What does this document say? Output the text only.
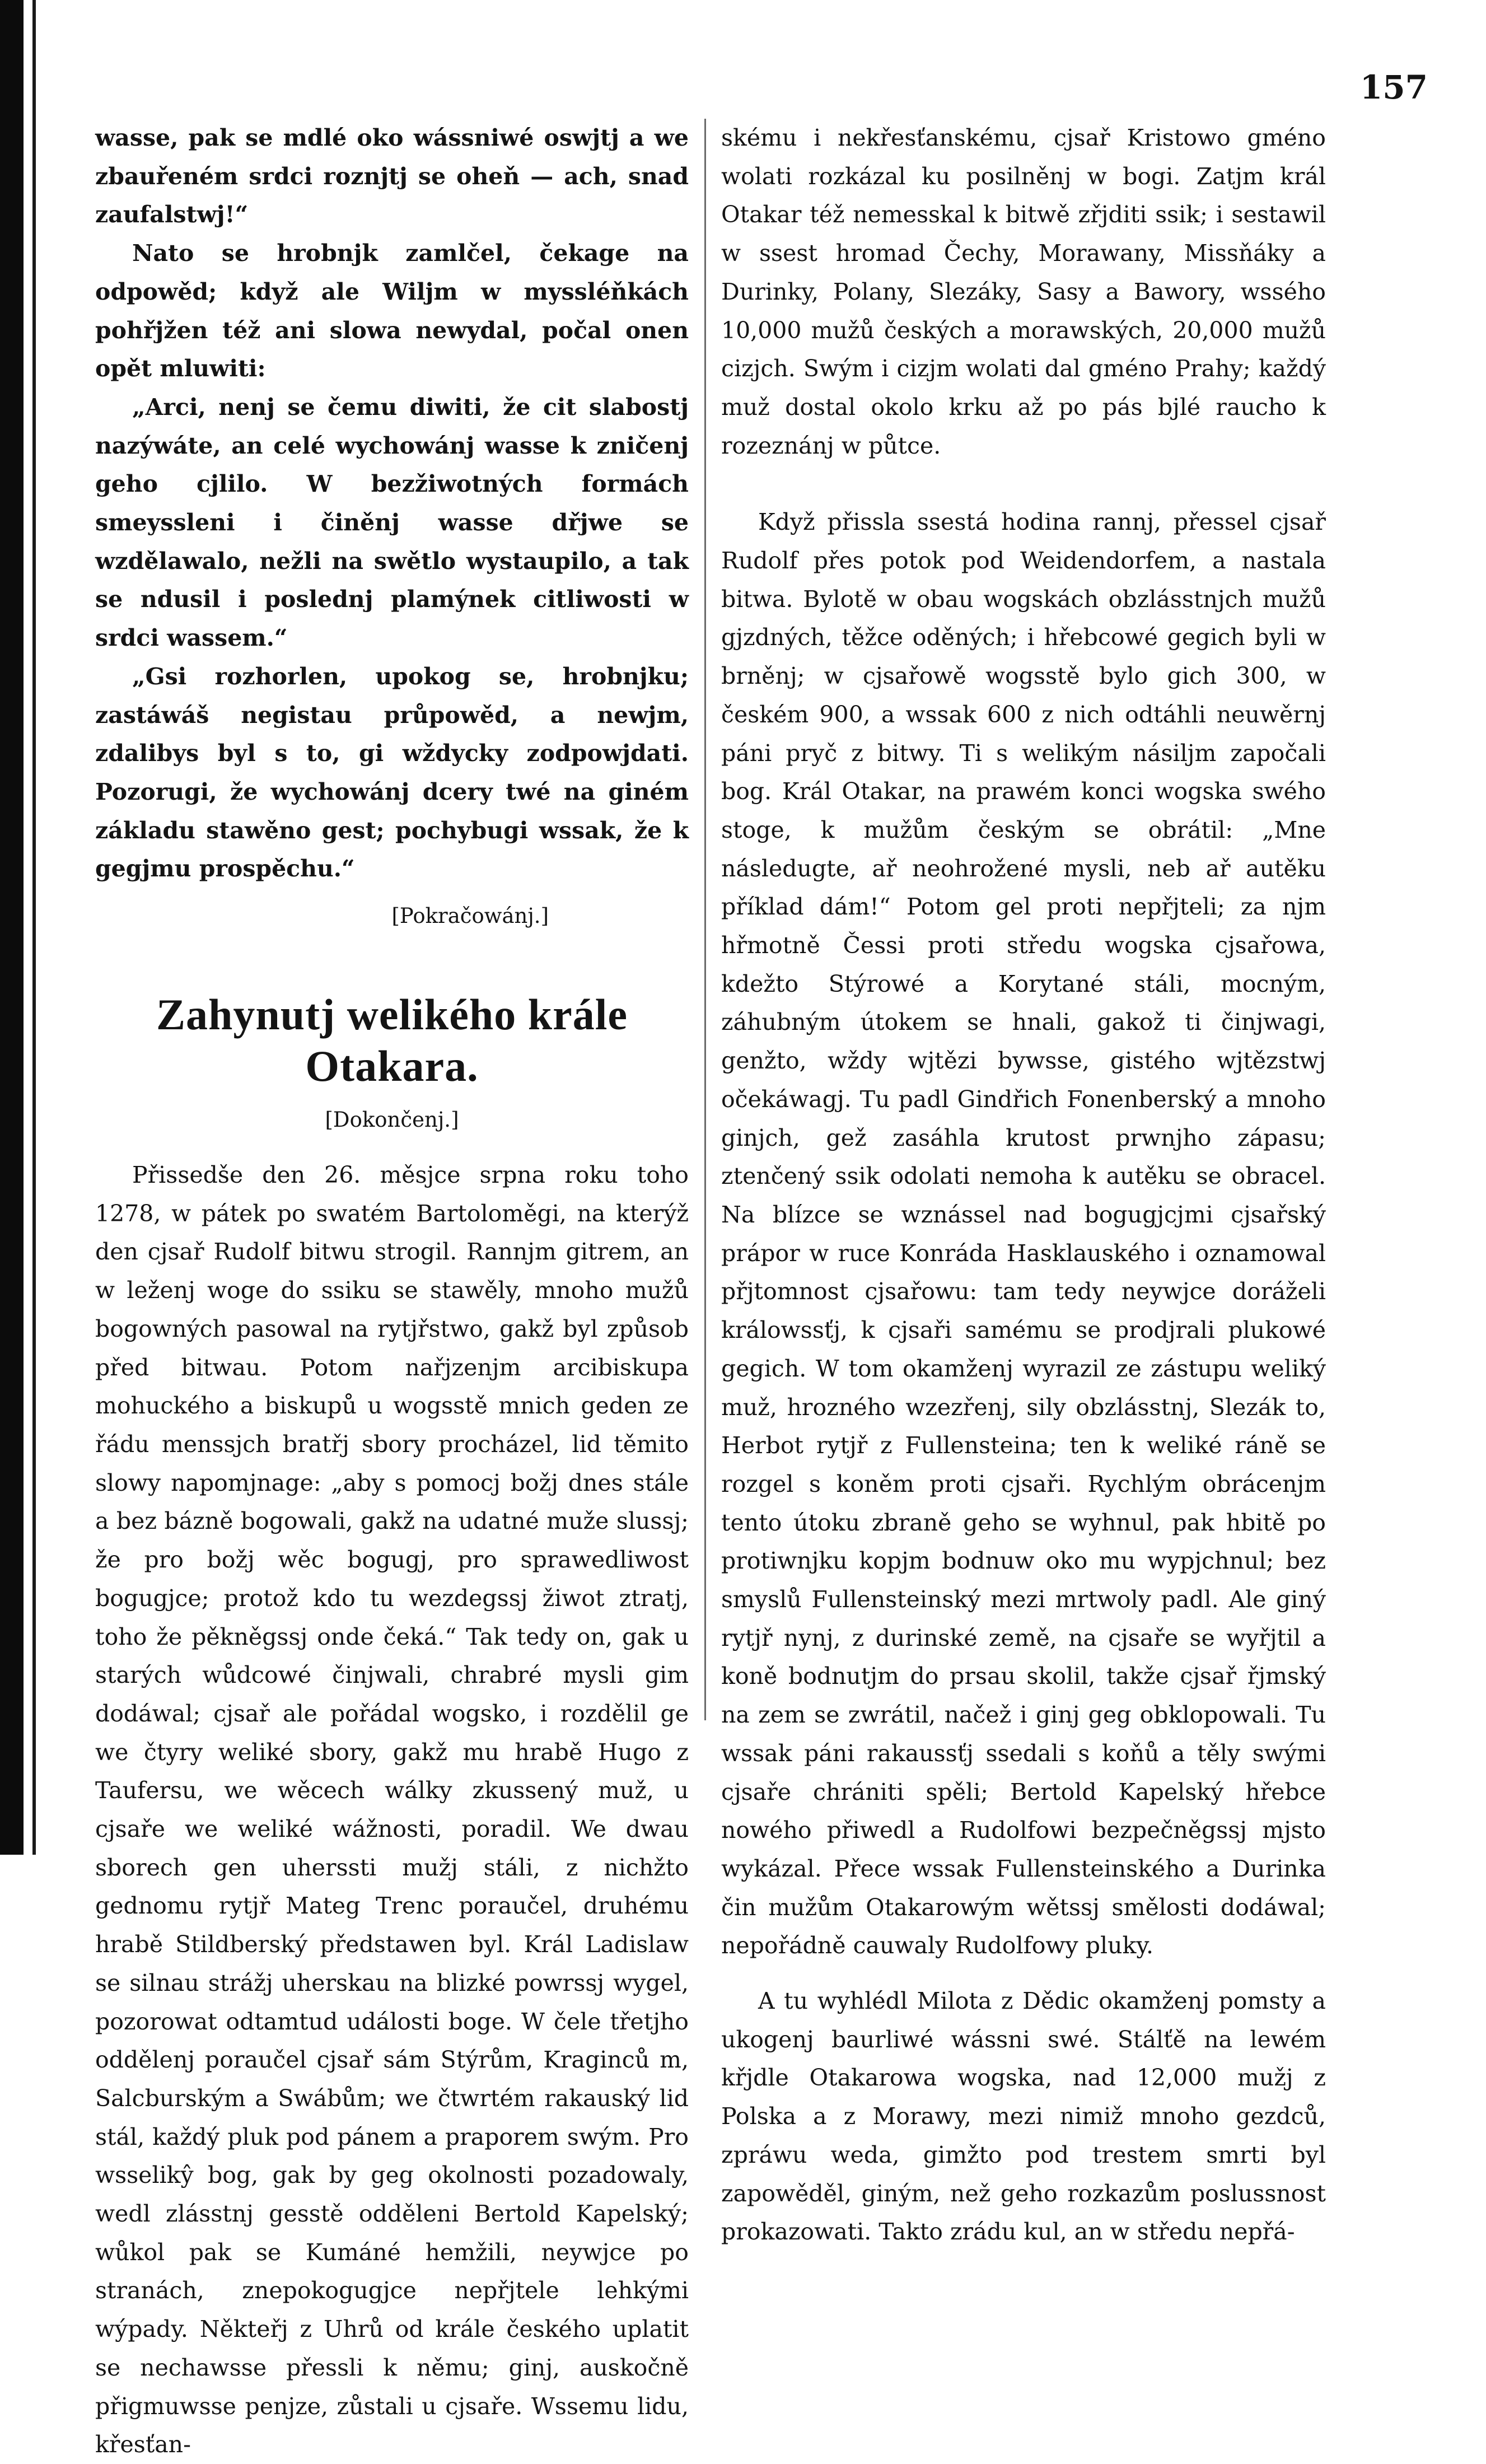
157

wasse, pak se mdlé oko wássniwé oswjtj a we zbauřeném srdci roznjtj se oheň — ach, snad zaufalstwj!“

Nato se hrobnjk zamlčel, čekage na odpowěd; když ale Wiljm w myssléňkách pohřjžen též ani slowa newydal, počal onen opět mluwiti:

„Arci, nenj se čemu diwiti, že cit slabostj nazýwáte, an celé wychowánj wasse k zničenj geho cjlilo. W bezžiwotných formách smeyssleni i činěnj wasse dřjwe se wzdělawalo, nežli na swětlo wystaupilo, a tak se ndusil i poslednj plamýnek citliwosti w srdci wassem.“

„Gsi rozhorlen, upokog se, hrobnjku; zastáwáš negistau průpowěd, a newjm, zdalibys byl s to, gi wždycky zodpowjdati. Pozorugi, že wychowánj dcery twé na giném základu stawěno gest; pochybugi wssak, že k gegjmu prospěchu.“

[Pokračowánj.]

Zahynutj welikého krále Otakara.

[Dokončenj.]

Přissedše den 26. měsjce srpna roku toho 1278, w pátek po swatém Bartoloměgi, na kterýž den cjsař Rudolf bitwu strogil. Rannjm gitrem, an w leženj woge do ssiku se stawěly, mnoho mužů bogowných pasowal na rytjřstwo, gakž byl způsob před bitwau. Potom nařjzenjm arcibiskupa mohuckého a biskupů u wogsstě mnich geden ze řádu menssjch bratřj sbory procházel, lid těmito slowy napomjnage: „aby s pomocj božj dnes stále a bez bázně bogowali, gakž na udatné muže slussj; že pro božj wěc bogugj, pro sprawedliwost bogugjce; protož kdo tu wezdegssj žiwot ztratj, toho že pěkněgssj onde čeká.“ Tak tedy on, gak u starých wůdcowé činjwali, chrabré mysli gim dodáwal; cjsař ale pořádal wogsko, i rozdělil ge we čtyry weliké sbory, gakž mu hrabě Hugo z Taufersu, we wěcech wálky zkussený muž, u cjsaře we weliké wážnosti, poradil. We dwau sborech gen uherssti mužj stáli, z nichžto gednomu rytjř Mateg Trenc poraučel, druhému hrabě Stildberský předstawen byl. Král Ladislaw se silnau strážj uherskau na blizké powrssj wygel, pozorowat odtamtud události boge. W čele třetjho oddělenj poraučel cjsař sám Stýrům, Kraginců m, Salcburským a Swábům; we čtwrtém rakauský lid stál, každý pluk pod pánem a praporem swým. Pro wsselikŷ bog, gak by geg okolnosti pozadowaly, wedl zlásstnj gesstě odděleni Bertold Kapelský; wůkol pak se Kumáné hemžili, neywjce po stranách, znepokogugjce nepřjtele lehkými wýpady. Někteřj z Uhrů od krále českého uplatit se nechawsse přessli k němu; ginj, auskočně přigmuwsse penjze, zůstali u cjsaře. Wssemu lidu, křesťan-

skému i nekřesťanskému, cjsař Kristowo gméno wolati rozkázal ku posilněnj w bogi. Zatjm král Otakar též nemesskal k bitwě zřjditi ssik; i sestawil w ssest hromad Čechy, Morawany, Missňáky a Durinky, Polany, Slezáky, Sasy a Bawory, wssého 10,000 mužů českých a morawských, 20,000 mužů cizjch. Swým i cizjm wolati dal gméno Prahy; každý muž dostal okolo krku až po pás bjlé raucho k rozeznánj w půtce.

Když přissla ssestá hodina rannj, přessel cjsař Rudolf přes potok pod Weidendorfem, a nastala bitwa. Bylotě w obau wogskách obzlásstnjch mužů gjzdných, těžce oděných; i hřebcowé gegich byli w brněnj; w cjsařowě wogsstě bylo gich 300, w českém 900, a wssak 600 z nich odtáhli neuwěrnj páni pryč z bitwy. Ti s welikým násiljm započali bog. Král Otakar, na prawém konci wogska swého stoge, k mužům českým se obrátil: „Mne následugte, ař neohrožené mysli, neb ař autěku příklad dám!“ Potom gel proti nepřjteli; za njm hřmotně Čessi proti středu wogska cjsařowa, kdežto Stýrowé a Korytané stáli, mocným, záhubným útokem se hnali, gakož ti činjwagi, genžto, wždy wjtězi bywsse, gistého wjtězstwj očekáwagj. Tu padl Gindřich Fonenberský a mnoho ginjch, gež zasáhla krutost prwnjho zápasu; ztenčený ssik odolati nemoha k autěku se obracel. Na blízce se wznássel nad bogugjcjmi cjsařský prápor w ruce Konráda Hasklauského i oznamowal přjtomnost cjsařowu: tam tedy neywjce doráželi králowssťj, k cjsaři samému se prodjrali plukowé gegich. W tom okamženj wyrazil ze zástupu weliký muž, hrozného wzezřenj, sily obzlásstnj, Slezák to, Herbot rytjř z Fullensteina; ten k weliké ráně se rozgel s koněm proti cjsaři. Rychlým obrácenjm tento útoku zbraně geho se wyhnul, pak hbitě po protiwnjku kopjm bodnuw oko mu wypjchnul; bez smyslů Fullensteinský mezi mrtwoly padl. Ale giný rytjř nynj, z durinské země, na cjsaře se wyřjtil a koně bodnutjm do prsau skolil, takže cjsař řjmský na zem se zwrátil, načež i ginj geg obklopowali. Tu wssak páni rakaussťj ssedali s koňů a těly swými cjsaře chrániti spěli; Bertold Kapelský hřebce nowého přiwedl a Rudolfowi bezpečněgssj mjsto wykázal. Přece wssak Fullensteinského a Durinka čin mužům Otakarowým wětssj smělosti dodáwal; nepořádně cauwaly Rudolfowy pluky.

A tu wyhlédl Milota z Dědic okamženj pomsty a ukogenj baurliwé wássni swé. Stálťě na lewém křjdle Otakarowa wogska, nad 12,000 mužj z Polska a z Morawy, mezi nimiž mnoho gezdců, zpráwu weda, gimžto pod trestem smrti byl zapowěděl, giným, než geho rozkazům poslussnost prokazowati. Takto zrádu kul, an w středu nepřá-
